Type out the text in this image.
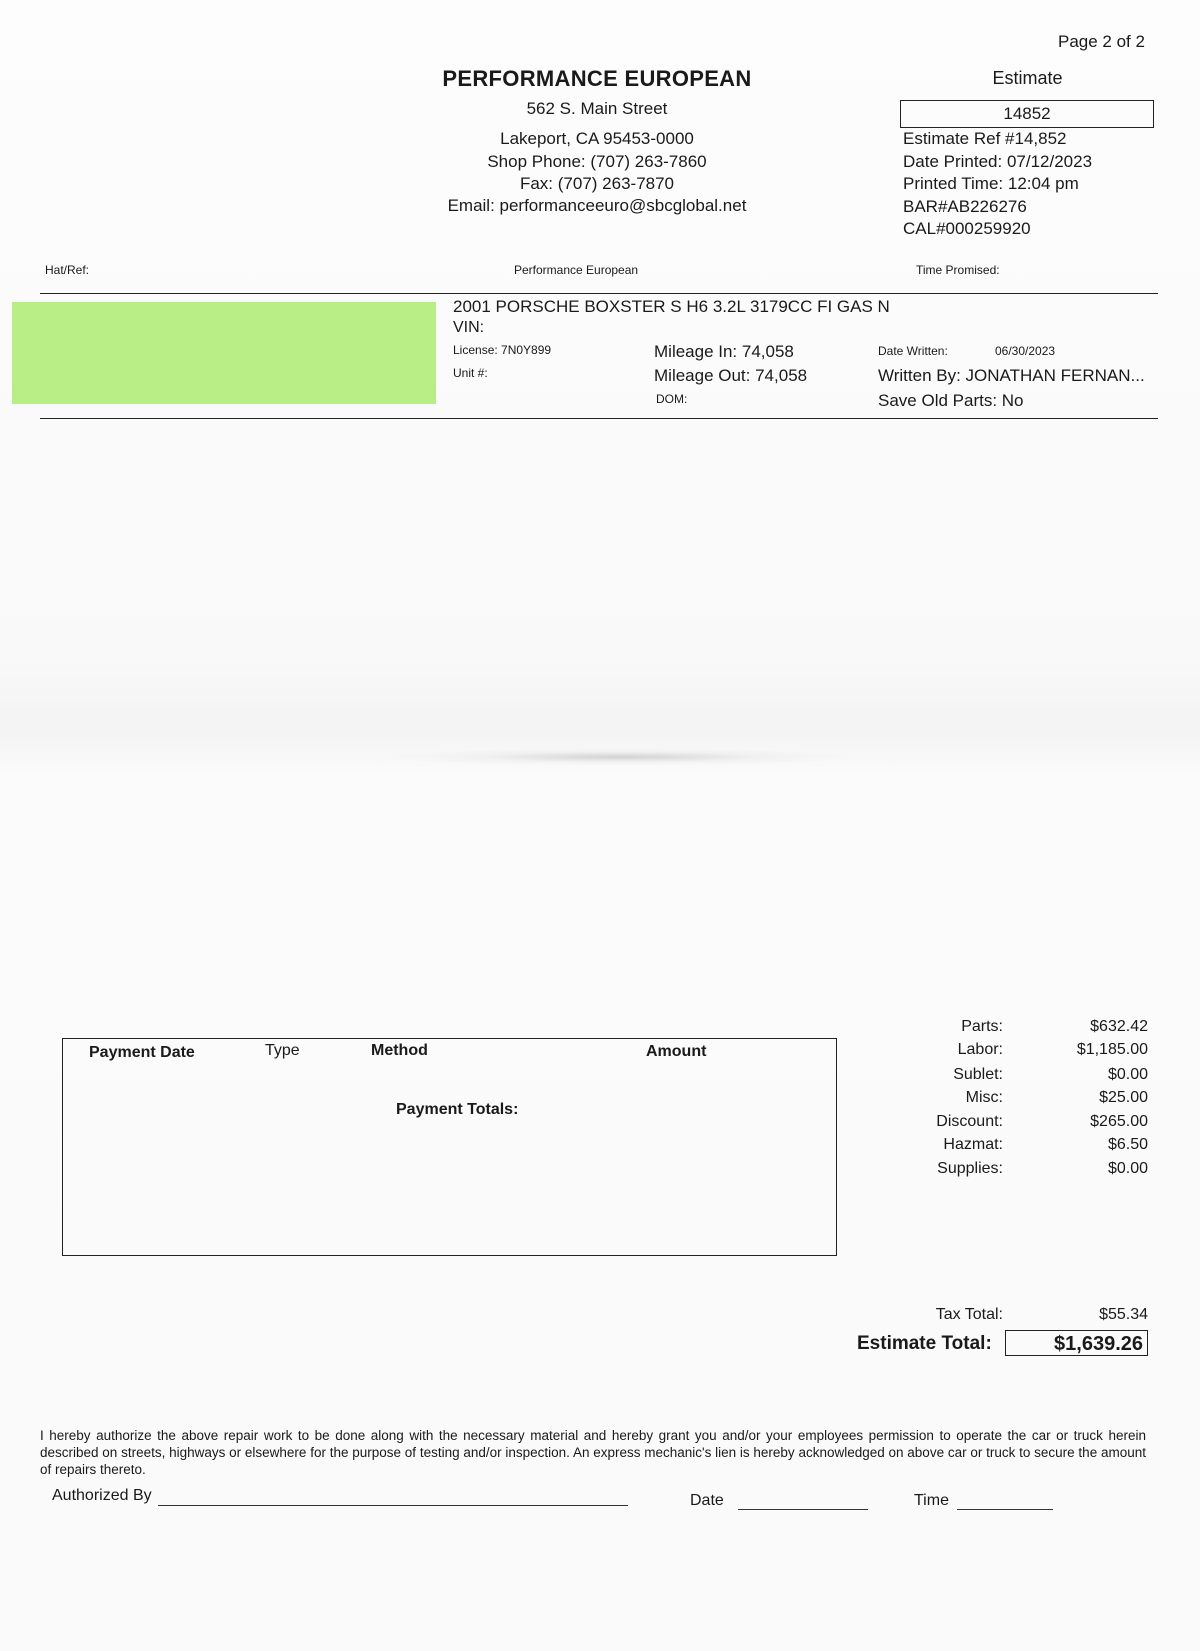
Page 2 of 2
PERFORMANCE EUROPEAN
562 S. Main Street
Lakeport, CA 95453-0000
Shop Phone: (707) 263-7860
Fax: (707) 263-7870
Email: performanceeuro@sbcglobal.net
Estimate
14852
Estimate Ref #14,852
Date Printed: 07/12/2023
Printed Time: 12:04 pm
BAR#AB226276
CAL#000259920
Hat/Ref:	Performance European	Time Promised:
2001 PORSCHE BOXSTER S H6 3.2L 3179CC FI GAS N
VIN:
License: 7N0Y899
Unit #:
Mileage In: 74,058
Mileage Out: 74,058
DOM:
Date Written:	06/30/2023
Written By: JONATHAN FERNAN...
Save Old Parts: No
Payment Date	Type	Method	Amount
Payment Totals:
Parts:	$632.42
Labor:	$1,185.00
Sublet:	$0.00
Misc:	$25.00
Discount:	$265.00
Hazmat:	$6.50
Supplies:	$0.00
Tax Total:	$55.34
Estimate Total:	$1,639.26
I hereby authorize the above repair work to be done along with the necessary material and hereby grant you and/or your employees permission to operate the car or truck herein described on streets, highways or elsewhere for the purpose of testing and/or inspection. An express mechanic's lien is hereby acknowledged on above car or truck to secure the amount of repairs thereto.
Authorized By	Date	Time
